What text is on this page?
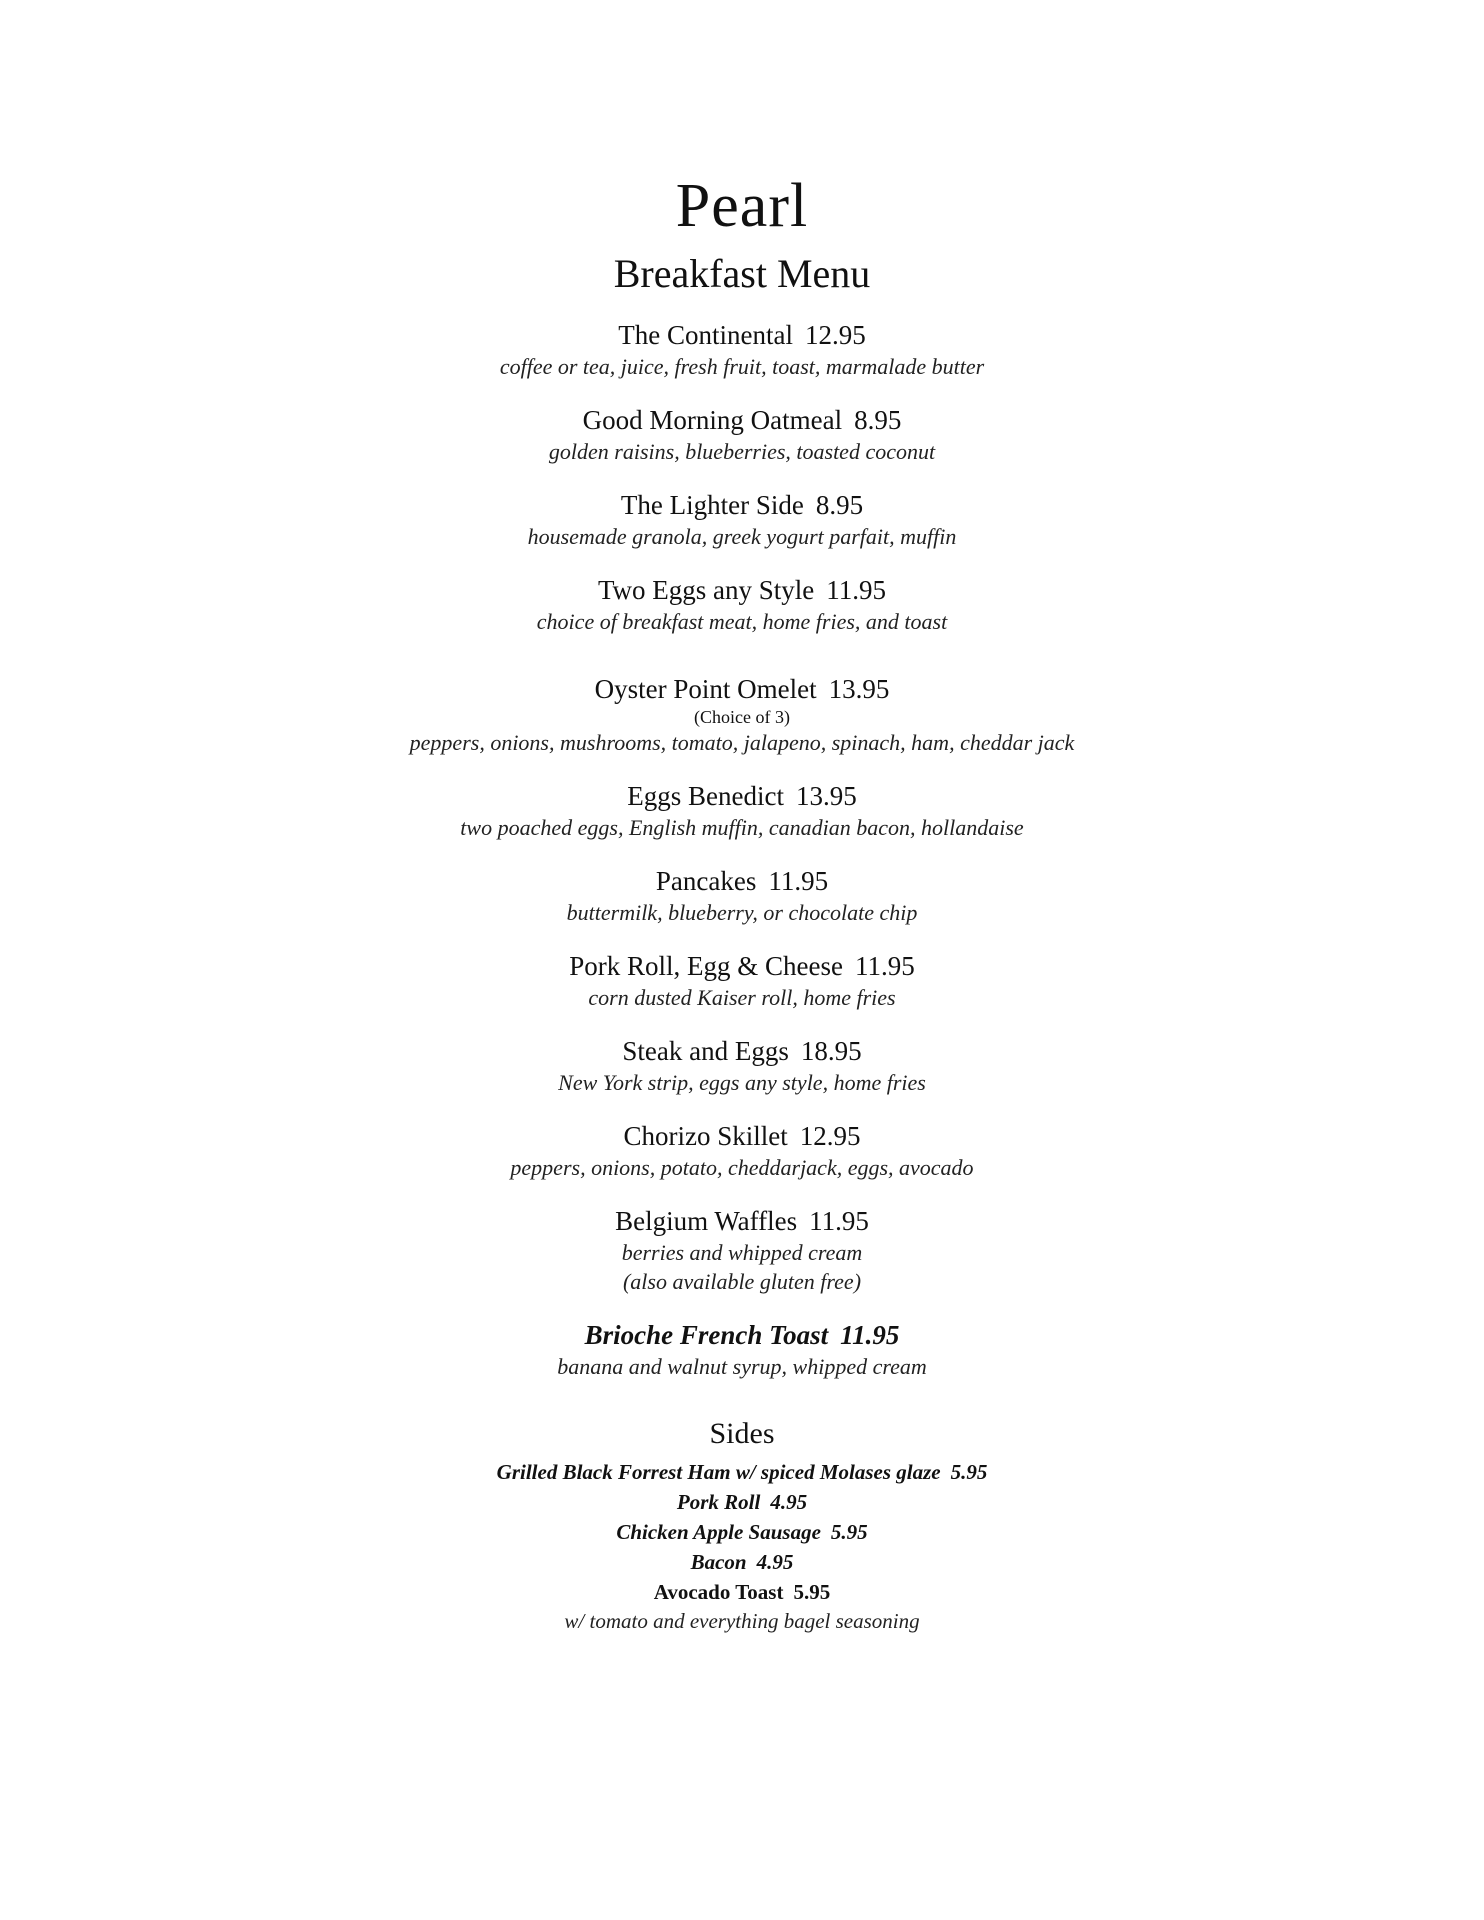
Pearl
Breakfast Menu

The Continental 12.95

coffee or tea, juice, fresh fruit, toast, marmalade butter

Good Morning Oatmeal 8.95

golden raisins, blueberries, toasted coconut

The Lighter Side 8.95

housemade granola, greek yogurt parfait, muffin

Two Eggs any Style 11.95

choice of breakfast meat, home fries, and toast

Oyster Point Omelet 13.95

(Choice of 3)

peppers, onions, mushrooms, tomato, jalapeno, spinach, ham, cheddar jack

Eggs Benedict 13.95

two poached eggs, English muffin, canadian bacon, hollandaise

Pancakes 11.95

buttermilk, blueberry, or chocolate chip

Pork Roll, Egg & Cheese 11.95

corn dusted Kaiser roll, home fries

Steak and Eggs 18.95

New York strip, eggs any style, home fries

Chorizo Skillet 12.95

peppers, onions, potato, cheddarjack, eggs, avocado

Belgium Waffles 11.95

berries and whipped cream

(also available gluten free)

Brioche French Toast 11.95

banana and walnut syrup, whipped cream

Sides

Grilled Black Forrest Ham w/ spiced Molases glaze 5.95

Pork Roll 4.95

Chicken Apple Sausage 5.95

Bacon 4.95

Avocado Toast 5.95

w/ tomato and everything bagel seasoning
